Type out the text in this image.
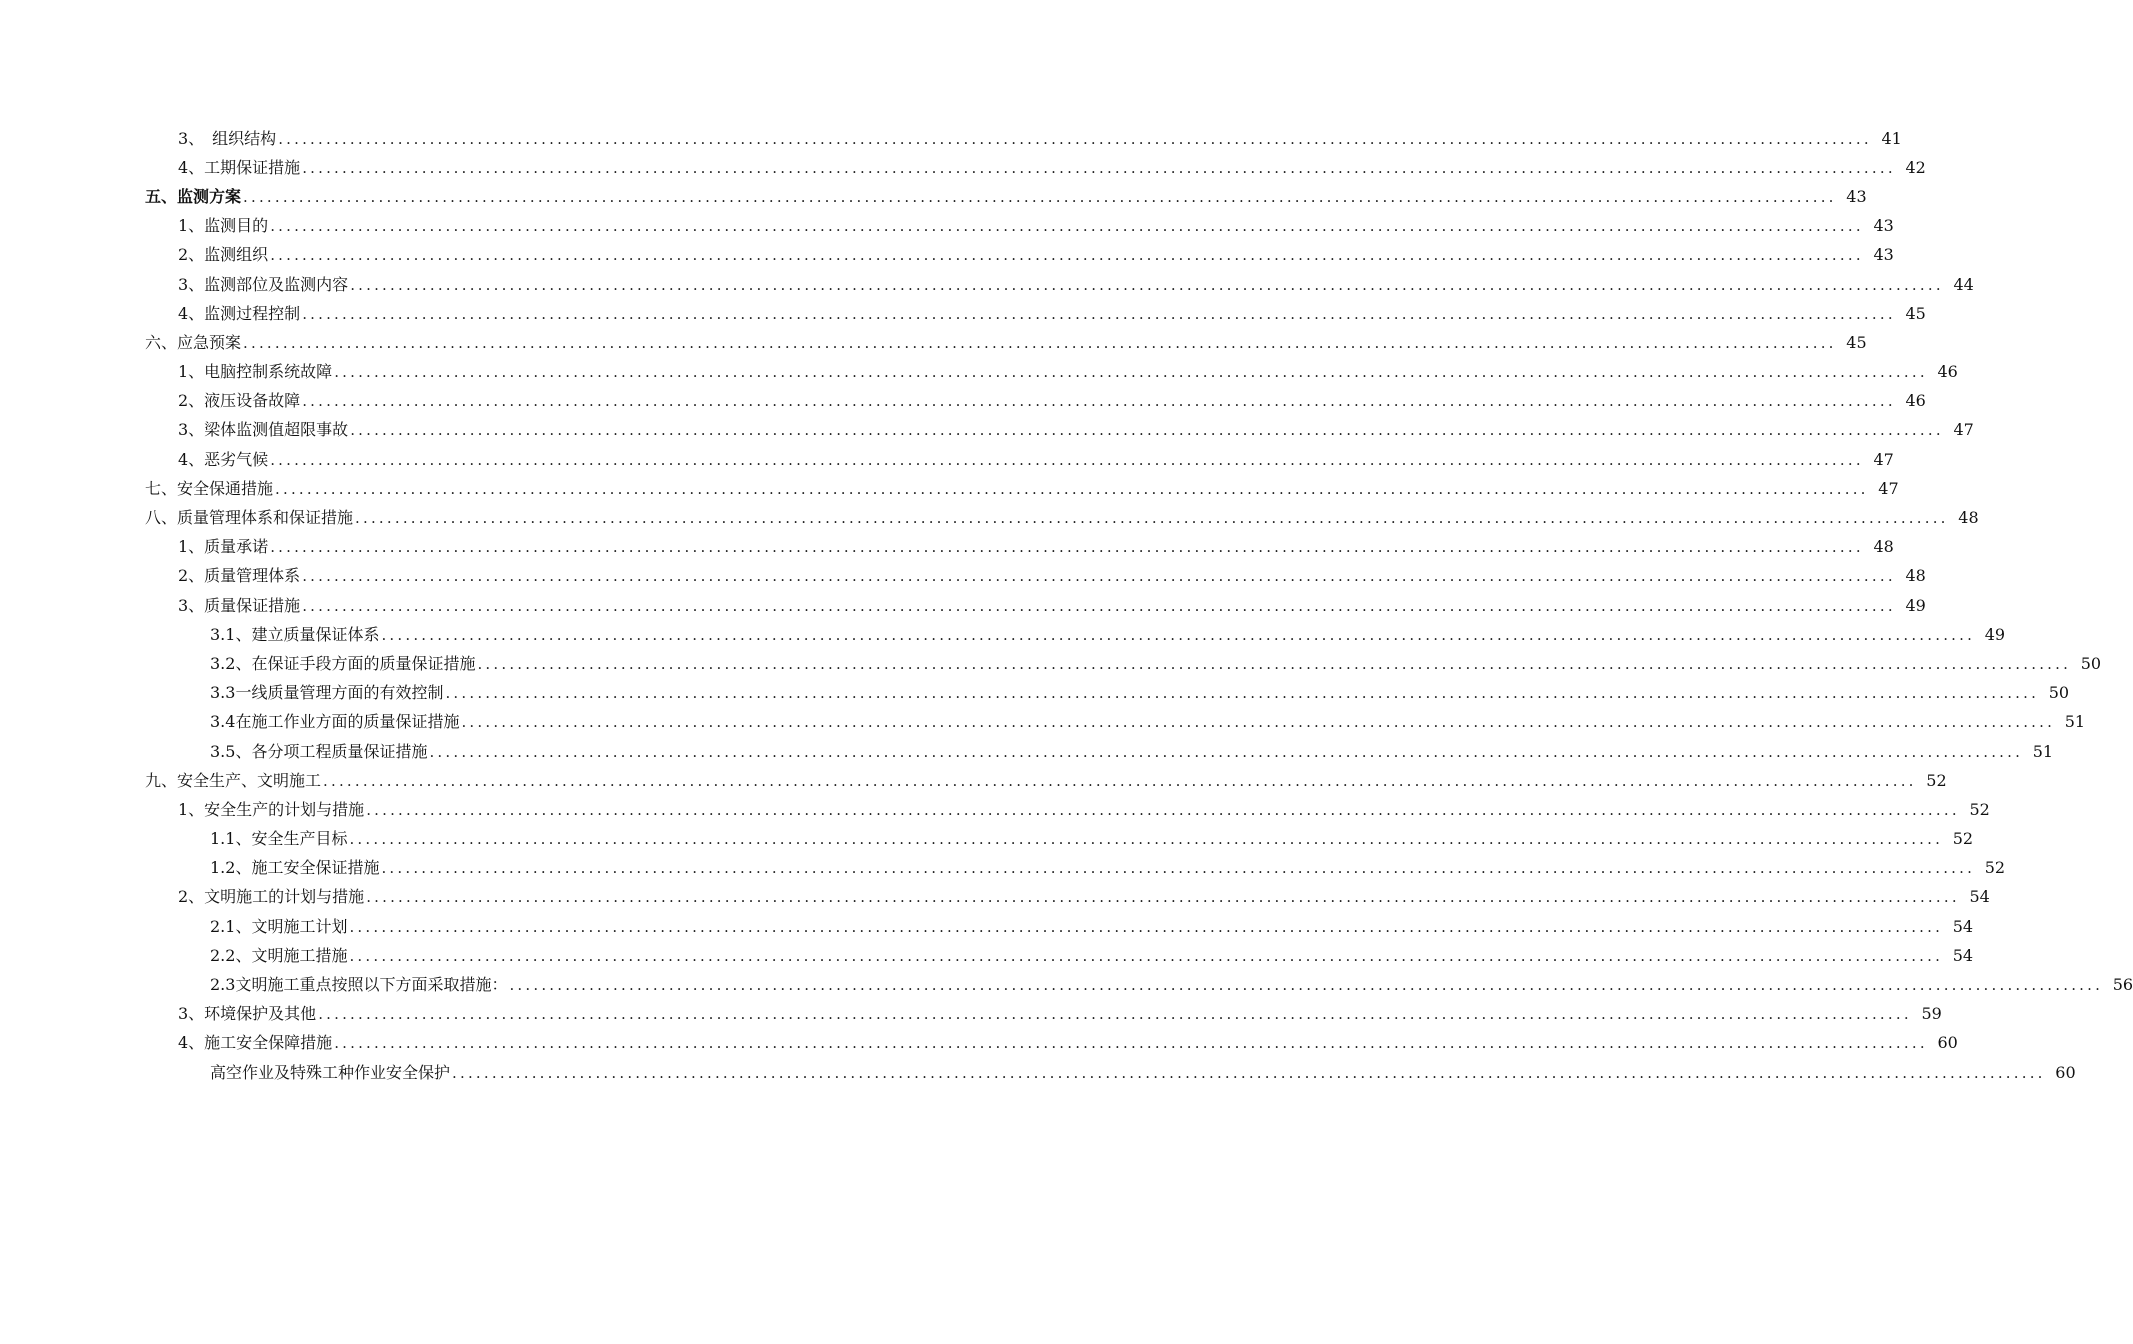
3、　组织结构 ........................................................................................................................................................................................................ 41
4、工期保证措施 ........................................................................................................................................................................................................ 42
五、监测方案 ........................................................................................................................................................................................................ 43
1、监测目的 ........................................................................................................................................................................................................ 43
2、监测组织 ........................................................................................................................................................................................................ 43
3、监测部位及监测内容 ........................................................................................................................................................................................................ 44
4、监测过程控制 ........................................................................................................................................................................................................ 45
六、应急预案 ........................................................................................................................................................................................................ 45
1、电脑控制系统故障 ........................................................................................................................................................................................................ 46
2、液压设备故障 ........................................................................................................................................................................................................ 46
3、梁体监测值超限事故 ........................................................................................................................................................................................................ 47
4、恶劣气候 ........................................................................................................................................................................................................ 47
七、安全保通措施 ........................................................................................................................................................................................................ 47
八、质量管理体系和保证措施 ........................................................................................................................................................................................................ 48
1、质量承诺 ........................................................................................................................................................................................................ 48
2、质量管理体系 ........................................................................................................................................................................................................ 48
3、质量保证措施 ........................................................................................................................................................................................................ 49
3.1、建立质量保证体系 ........................................................................................................................................................................................................ 49
3.2、在保证手段方面的质量保证措施 ........................................................................................................................................................................................................ 50
3.3一线质量管理方面的有效控制 ........................................................................................................................................................................................................ 50
3.4在施工作业方面的质量保证措施 ........................................................................................................................................................................................................ 51
3.5、各分项工程质量保证措施 ........................................................................................................................................................................................................ 51
九、安全生产、文明施工 ........................................................................................................................................................................................................ 52
1、安全生产的计划与措施 ........................................................................................................................................................................................................ 52
1.1、安全生产目标 ........................................................................................................................................................................................................ 52
1.2、施工安全保证措施 ........................................................................................................................................................................................................ 52
2、文明施工的计划与措施 ........................................................................................................................................................................................................ 54
2.1、文明施工计划 ........................................................................................................................................................................................................ 54
2.2、文明施工措施 ........................................................................................................................................................................................................ 54
2.3文明施工重点按照以下方面采取措施： ........................................................................................................................................................................................................ 56
3、环境保护及其他 ........................................................................................................................................................................................................ 59
4、施工安全保障措施 ........................................................................................................................................................................................................ 60
高空作业及特殊工种作业安全保护 ........................................................................................................................................................................................................ 60
